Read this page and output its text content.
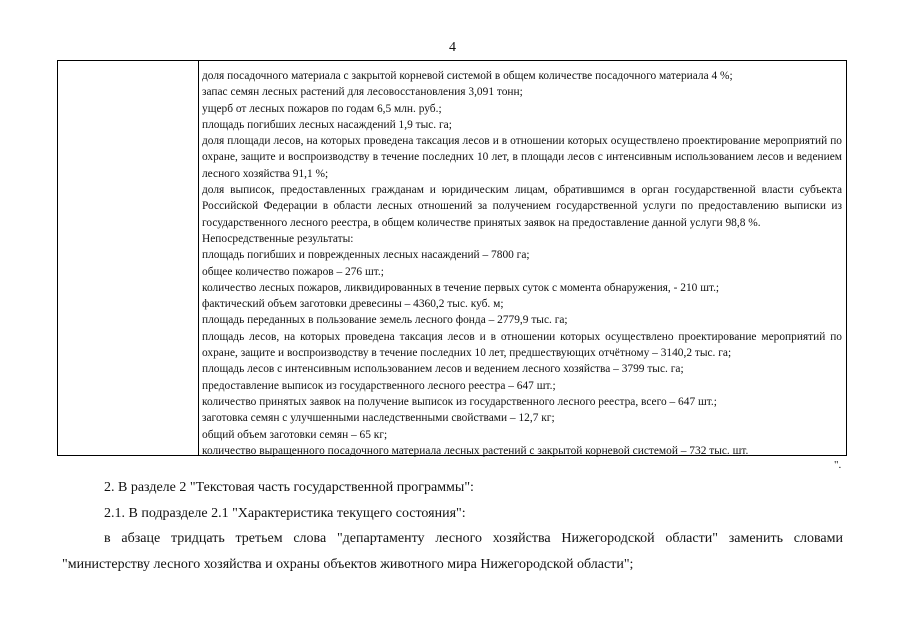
4
доля посадочного материала с закрытой корневой системой в общем количестве посадочного материала 4 %;
запас семян лесных растений для лесовосстановления 3,091 тонн;
ущерб от лесных пожаров по годам 6,5 млн. руб.;
площадь погибших лесных насаждений 1,9 тыс. га;
доля площади лесов, на которых проведена таксация лесов и в отношении которых осуществлено проектирование мероприятий по охране, защите и воспроизводству в течение последних 10 лет, в площади лесов с интенсивным использованием лесов и ведением лесного хозяйства 91,1 %;
доля выписок, предоставленных гражданам и юридическим лицам, обратившимся в орган государственной власти субъекта Российской Федерации в области лесных отношений за получением государственной услуги по предоставлению выписки из государственного лесного реестра, в общем количестве принятых заявок на предоставление данной услуги 98,8 %.
Непосредственные результаты:
площадь погибших и поврежденных лесных насаждений – 7800 га;
общее количество пожаров – 276 шт.;
количество лесных пожаров, ликвидированных в течение первых суток с момента обнаружения, - 210 шт.;
фактический объем заготовки древесины – 4360,2 тыс. куб. м;
площадь переданных в пользование земель лесного фонда – 2779,9 тыс. га;
площадь лесов, на которых проведена таксация лесов и в отношении которых осуществлено проектирование мероприятий по охране, защите и воспроизводству в течение последних 10 лет, предшествующих отчётному – 3140,2 тыс. га;
площадь лесов с интенсивным использованием лесов и ведением лесного хозяйства – 3799 тыс. га;
предоставление выписок из государственного лесного реестра – 647 шт.;
количество принятых заявок на получение выписок из государственного лесного реестра, всего – 647 шт.;
заготовка семян с улучшенными наследственными свойствами – 12,7 кг;
общий объем заготовки семян – 65 кг;
количество выращенного посадочного материала лесных растений с закрытой корневой системой – 732 тыс. шт.
".
2. В разделе 2 "Текстовая часть государственной программы":
2.1. В подразделе 2.1 "Характеристика текущего состояния":
в абзаце тридцать третьем слова "департаменту лесного хозяйства Нижегородской области" заменить словами
"министерству лесного хозяйства и охраны объектов животного мира Нижегородской области";
